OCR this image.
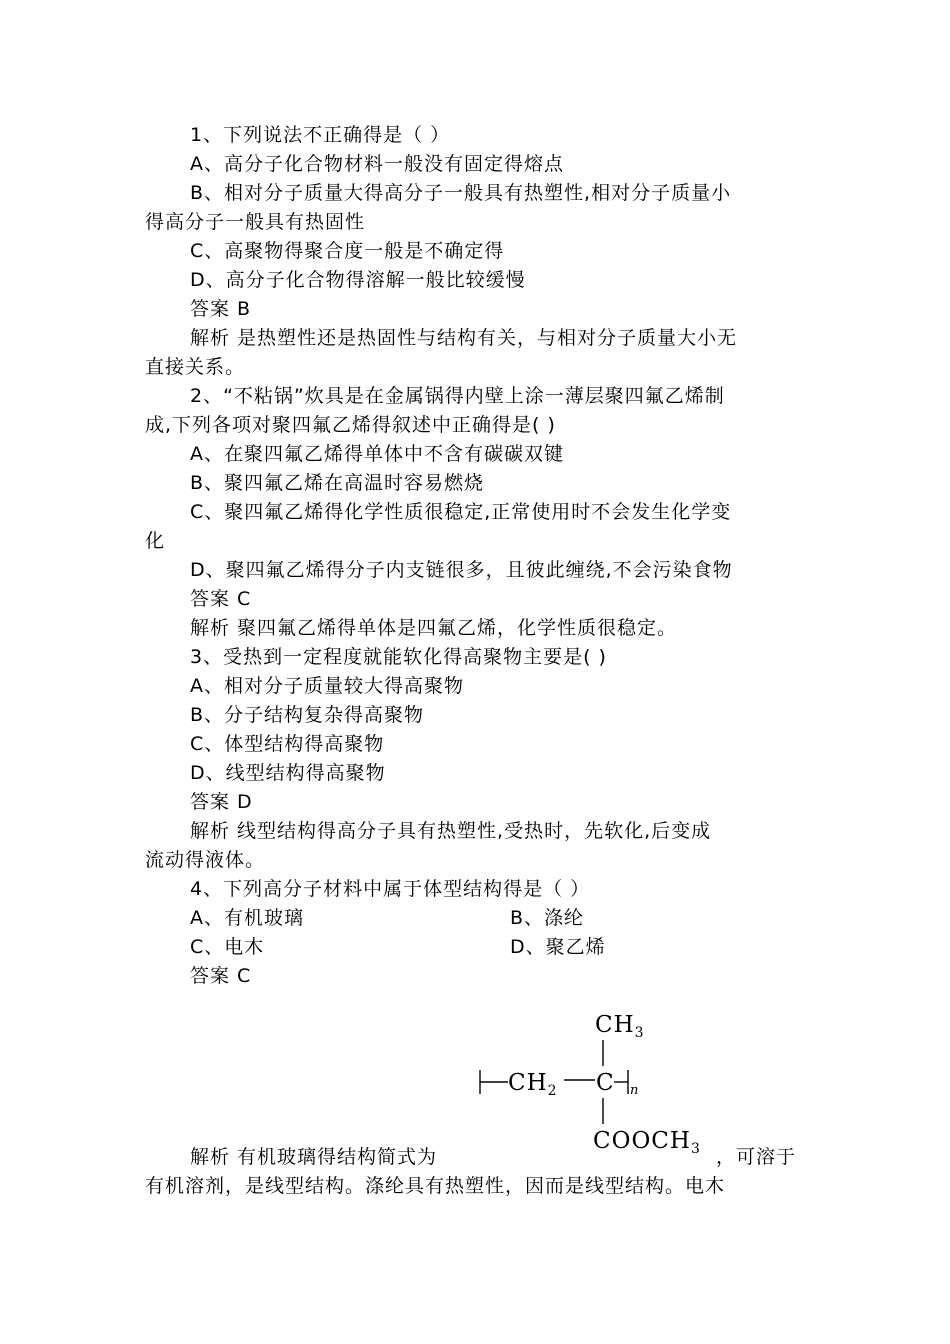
1、下列说法不正确得是（ ）
A、高分子化合物材料一般没有固定得熔点
B、相对分子质量大得高分子一般具有热塑性,相对分子质量小
得高分子一般具有热固性
C、高聚物得聚合度一般是不确定得
D、高分子化合物得溶解一般比较缓慢
答案 B
解析 是热塑性还是热固性与结构有关，与相对分子质量大小无
直接关系。
2、“不粘锅”炊具是在金属锅得内壁上涂一薄层聚四氟乙烯制
成,下列各项对聚四氟乙烯得叙述中正确得是( )
A、在聚四氟乙烯得单体中不含有碳碳双键
B、聚四氟乙烯在高温时容易燃烧
C、聚四氟乙烯得化学性质很稳定,正常使用时不会发生化学变
化
D、聚四氟乙烯得分子内支链很多，且彼此缠绕,不会污染食物
答案 C
解析 聚四氟乙烯得单体是四氟乙烯，化学性质很稳定。
3、受热到一定程度就能软化得高聚物主要是( )
A、相对分子质量较大得高聚物
B、分子结构复杂得高聚物
C、体型结构得高聚物
D、线型结构得高聚物
答案 D
解析 线型结构得高分子具有热塑性,受热时，先软化,后变成
流动得液体。
4、下列高分子材料中属于体型结构得是（ ）
A、有机玻璃	B、涤纶
C、电木	D、聚乙烯
答案 C
$CH_3$
$CH_2$ C n
$COOCH_3$
解析 有机玻璃得结构简式为	，可溶于
有机溶剂，是线型结构。涤纶具有热塑性，因而是线型结构。电木
